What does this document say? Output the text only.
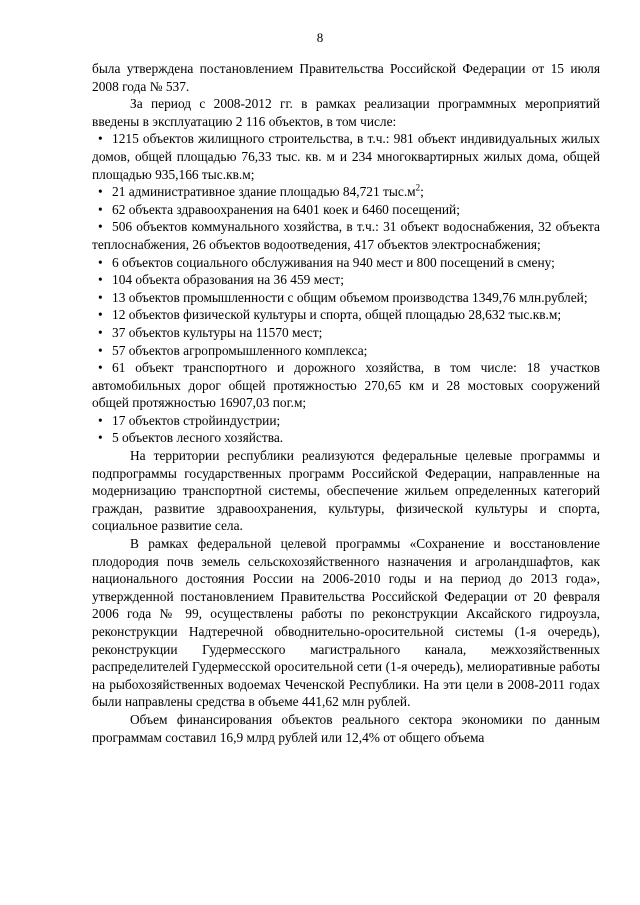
8

была утверждена постановлением Правительства Российской Федерации от 15 июля 2008 года № 537.

За период с 2008-2012 гг. в рамках реализации программных мероприятий введены в эксплуатацию 2 116 объектов, в том числе:

• 1215 объектов жилищного строительства, в т.ч.: 981 объект индивидуальных жилых домов, общей площадью 76,33 тыс. кв. м и 234 многоквартирных жилых дома, общей площадью 935,166 тыс.кв.м;

• 21 административное здание площадью 84,721 $тыс.м^2$;

• 62 объекта здравоохранения на 6401 коек и 6460 посещений;

• 506 объектов коммунального хозяйства, в т.ч.: 31 объект водоснабжения, 32 объекта теплоснабжения, 26 объектов водоотведения, 417 объектов электроснабжения;

• 6 объектов социального обслуживания на 940 мест и 800 посещений в смену;

• 104 объекта образования на 36 459 мест;

• 13 объектов промышленности с общим объемом производства 1349,76 млн.рублей;

• 12 объектов физической культуры и спорта, общей площадью 28,632 тыс.кв.м;

• 37 объектов культуры на 11570 мест;

• 57 объектов агропромышленного комплекса;

• 61 объект транспортного и дорожного хозяйства, в том числе: 18 участков автомобильных дорог общей протяжностью 270,65 км и 28 мостовых сооружений общей протяжностью 16907,03 пог.м;

• 17 объектов стройиндустрии;

• 5 объектов лесного хозяйства.

На территории республики реализуются федеральные целевые программы и подпрограммы государственных программ Российской Федерации, направленные на модернизацию транспортной системы, обеспечение жильем определенных категорий граждан, развитие здравоохранения, культуры, физической культуры и спорта, социальное развитие села.

В рамках федеральной целевой программы «Сохранение и восстановление плодородия почв земель сельскохозяйственного назначения и агроландшафтов, как национального достояния России на 2006-2010 годы и на период до 2013 года», утвержденной постановлением Правительства Российской Федерации от 20 февраля 2006 года № 99, осуществлены работы по реконструкции Аксайского гидроузла, реконструкции Надтеречной обводнительно-оросительной системы (1-я очередь), реконструкции Гудермесского магистрального канала, межхозяйственных распределителей Гудермесской оросительной сети (1-я очередь), мелиоративные работы на рыбохозяйственных водоемах Чеченской Республики. На эти цели в 2008-2011 годах были направлены средства в объеме 441,62 млн рублей.

Объем финансирования объектов реального сектора экономики по данным программам составил 16,9 млрд рублей или 12,4% от общего объема
